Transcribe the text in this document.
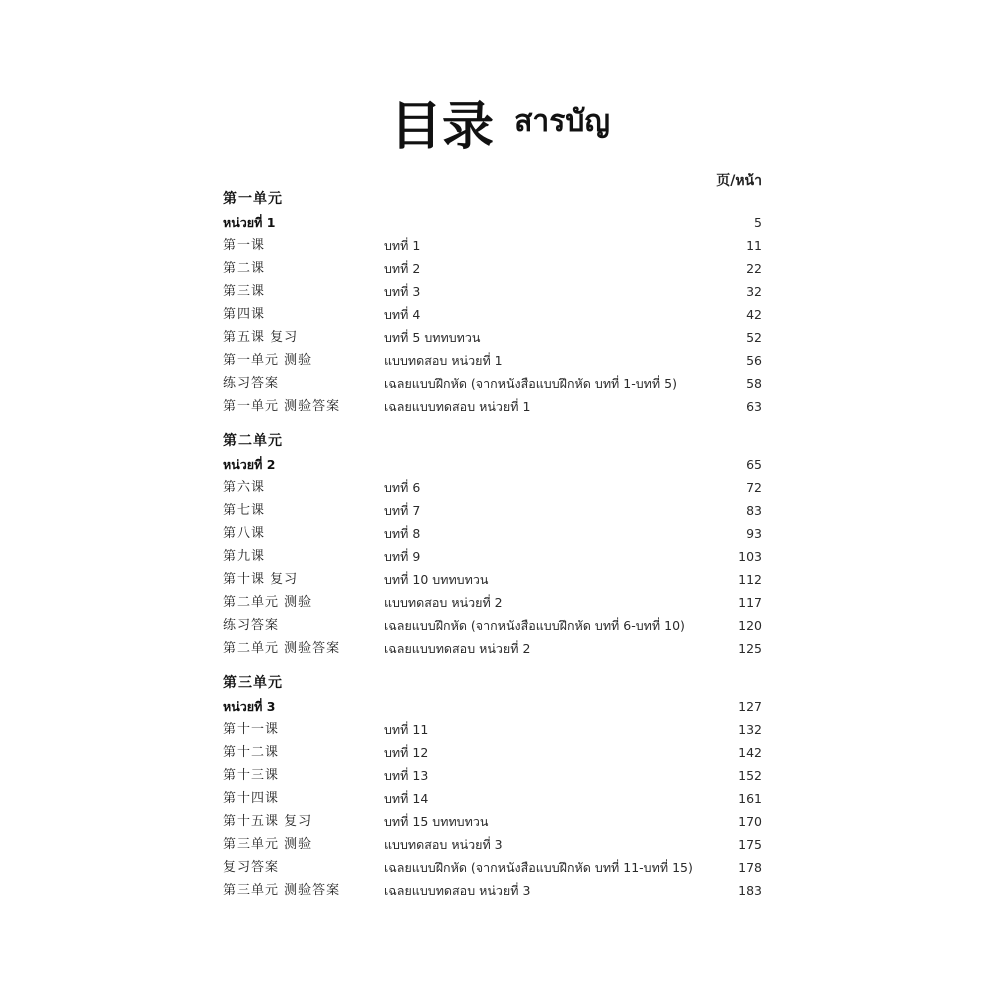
目录 สารบัญ
页/หน้า
第一单元
หน่วยที่ 1	5
第一课	บทที่ 1	11
第二课	บทที่ 2	22
第三课	บทที่ 3	32
第四课	บทที่ 4	42
第五课 复习	บทที่ 5 บททบทวน	52
第一单元 测验	แบบทดสอบ หน่วยที่ 1	56
练习答案	เฉลยแบบฝึกหัด (จากหนังสือแบบฝึกหัด บทที่ 1-บทที่ 5)	58
第一单元 测验答案	เฉลยแบบทดสอบ หน่วยที่ 1	63
第二单元
หน่วยที่ 2	65
第六课	บทที่ 6	72
第七课	บทที่ 7	83
第八课	บทที่ 8	93
第九课	บทที่ 9	103
第十课 复习	บทที่ 10 บททบทวน	112
第二单元 测验	แบบทดสอบ หน่วยที่ 2	117
练习答案	เฉลยแบบฝึกหัด (จากหนังสือแบบฝึกหัด บทที่ 6-บทที่ 10)	120
第二单元 测验答案	เฉลยแบบทดสอบ หน่วยที่ 2	125
第三单元
หน่วยที่ 3	127
第十一课	บทที่ 11	132
第十二课	บทที่ 12	142
第十三课	บทที่ 13	152
第十四课	บทที่ 14	161
第十五课 复习	บทที่ 15 บททบทวน	170
第三单元 测验	แบบทดสอบ หน่วยที่ 3	175
复习答案	เฉลยแบบฝึกหัด (จากหนังสือแบบฝึกหัด บทที่ 11-บทที่ 15)	178
第三单元 测验答案	เฉลยแบบทดสอบ หน่วยที่ 3	183
